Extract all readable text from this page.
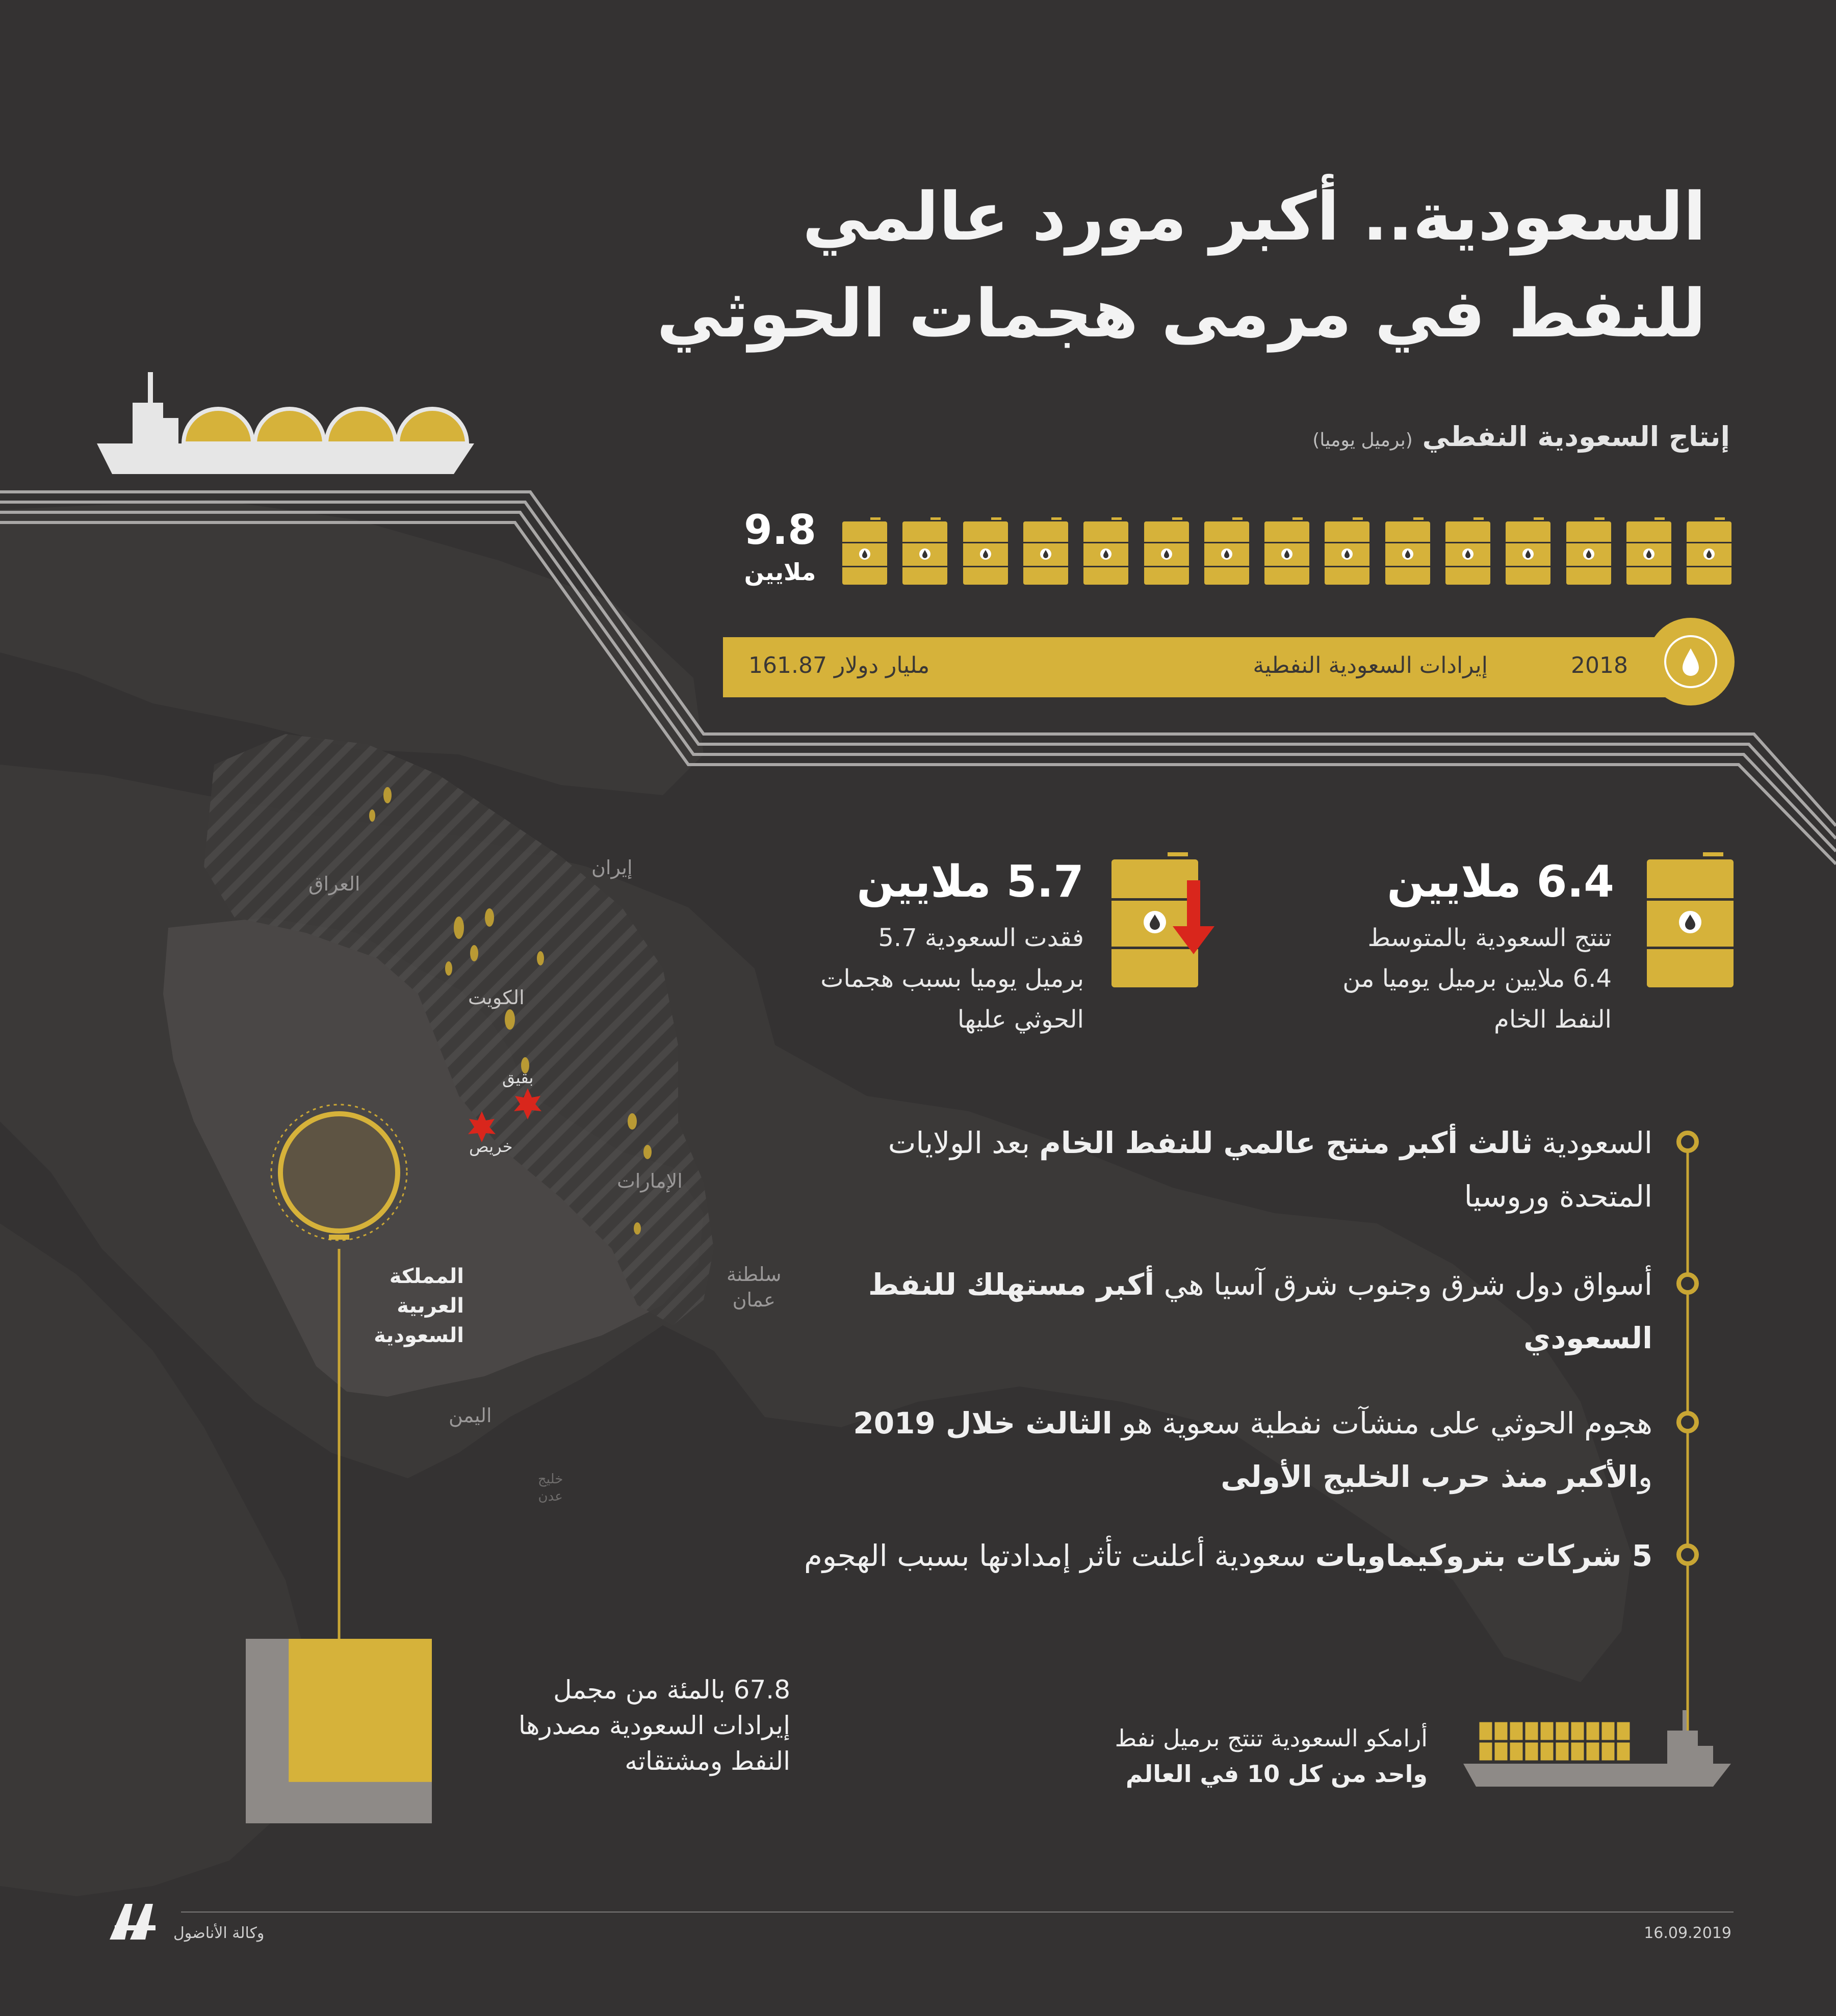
السعودية.. أكبر مورد عالمي
للنفط في مرمى هجمات الحوثي
إنتاج السعودية النفطي (برميل يوميا)
9.8
ملايين
2018
إيرادات السعودية النفطية
161.87 مليار دولار
6.4 ملايين
تنتج السعودية بالمتوسط
6.4 ملايين برميل يوميا من
النفط الخام
5.7 ملايين
فقدت السعودية 5.7
برميل يوميا بسبب هجمات
الحوثي عليها
السعودية ثالث أكبر منتج عالمي للنفط الخام بعد الولايات المتحدة وروسيا
أسواق دول شرق وجنوب شرق آسيا هي أكبر مستهلك للنفط السعودي
هجوم الحوثي على منشآت نفطية سعوية هو الثالث خلال 2019 والأكبر منذ حرب الخليج الأولى
5 شركات بتروكيماويات سعودية أعلنت تأثر إمدادتها بسبب الهجوم
العراق
إيران
الكويت
بقيق
خريص
الإمارات
سلطنة
عمان
اليمن
خليج
عدن
المملكة
العربية
السعودية
67.8 بالمئة من مجمل
إيرادات السعودية مصدرها
النفط ومشتقاته
أرامكو السعودية تنتج برميل نفط
واحد من كل 10 في العالم
وكالة الأناضول	16.09.2019
